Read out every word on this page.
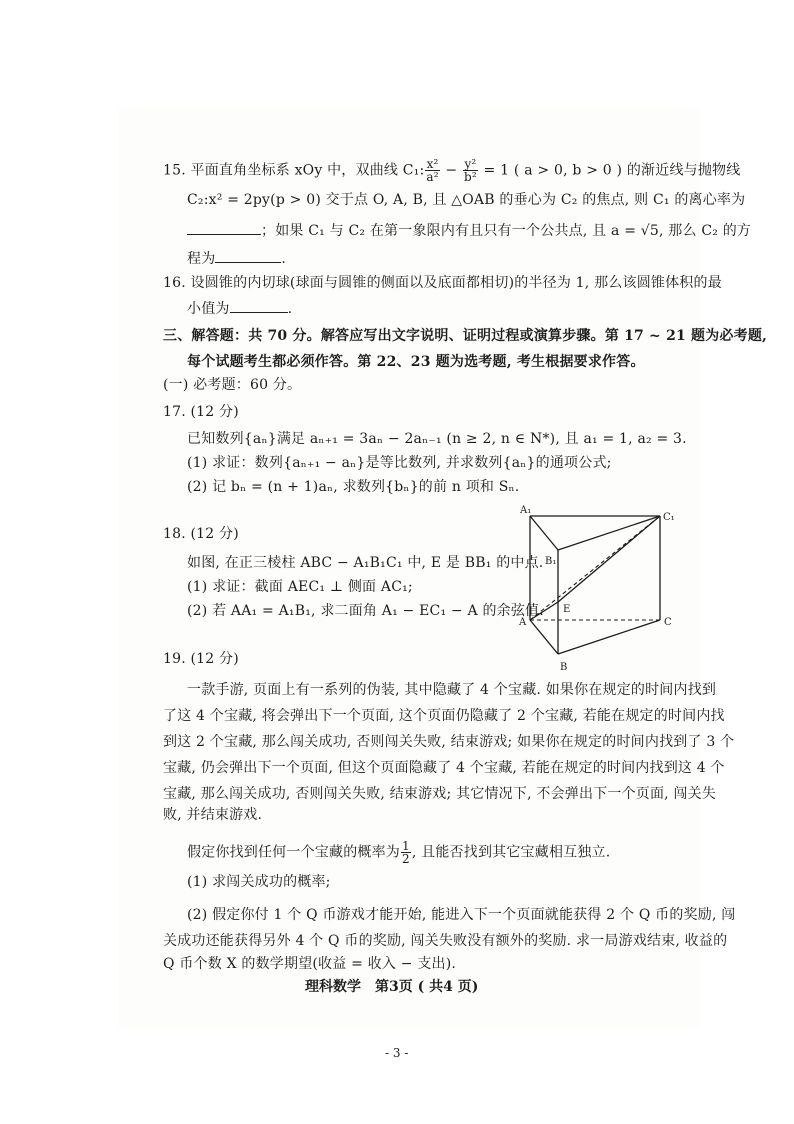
15. 平面直角坐标系 xOy 中，双曲线 C₁: $\frac{\text{x²}}{\text{a²}} - \frac{\text{y²}}{\text{b²}} = 1$ ( a > 0, b > 0 ) 的渐近线与抛物线
C₂:x² = 2py(p > 0) 交于点 O, A, B, 且 △OAB 的垂心为 C₂ 的焦点, 则 C₁ 的离心率为
；如果 C₁ 与 C₂ 在第一象限内有且只有一个公共点, 且 a = √5, 那么 C₂ 的方
程为	.
16. 设圆锥的内切球(球面与圆锥的侧面以及底面都相切)的半径为 1, 那么该圆锥体积的最
小值为	.
三、解答题：共 70 分。解答应写出文字说明、证明过程或演算步骤。第 17 ~ 21 题为必考题,
每个试题考生都必须作答。第 22、23 题为选考题, 考生根据要求作答。
(一) 必考题：60 分。
17. (12 分)
已知数列{aₙ}满足 aₙ₊₁ = 3aₙ − 2aₙ₋₁ (n ≥ 2, n ∈ N*), 且 a₁ = 1, a₂ = 3.
(1) 求证：数列{aₙ₊₁ − aₙ}是等比数列, 并求数列{aₙ}的通项公式;
(2) 记 bₙ = (n + 1)aₙ, 求数列{bₙ}的前 n 项和 Sₙ.
18. (12 分)
如图, 在正三棱柱 ABC − A₁B₁C₁ 中, E 是 BB₁ 的中点.
(1) 求证：截面 AEC₁ ⊥ 侧面 AC₁;
(2) 若 AA₁ = A₁B₁, 求二面角 A₁ − EC₁ − A 的余弦值.
A₁
C₁
B₁
E
A	C
B
19. (12 分)
一款手游, 页面上有一系列的伪装, 其中隐藏了 4 个宝藏. 如果你在规定的时间内找到
了这 4 个宝藏, 将会弹出下一个页面, 这个页面仍隐藏了 2 个宝藏, 若能在规定的时间内找
到这 2 个宝藏, 那么闯关成功, 否则闯关失败, 结束游戏; 如果你在规定的时间内找到了 3 个
宝藏, 仍会弹出下一个页面, 但这个页面隐藏了 4 个宝藏, 若能在规定的时间内找到这 4 个
宝藏, 那么闯关成功, 否则闯关失败, 结束游戏; 其它情况下, 不会弹出下一个页面, 闯关失
败, 并结束游戏.
假定你找到任何一个宝藏的概率为 $\frac{1}{2}$ , 且能否找到其它宝藏相互独立.
(1) 求闯关成功的概率;
(2) 假定你付 1 个 Q 币游戏才能开始, 能进入下一个页面就能获得 2 个 Q 币的奖励, 闯
关成功还能获得另外 4 个 Q 币的奖励, 闯关失败没有额外的奖励. 求一局游戏结束, 收益的
Q 币个数 X 的数学期望(收益 = 收入 − 支出).
理科数学　第3页 ( 共4 页)
- 3 -
